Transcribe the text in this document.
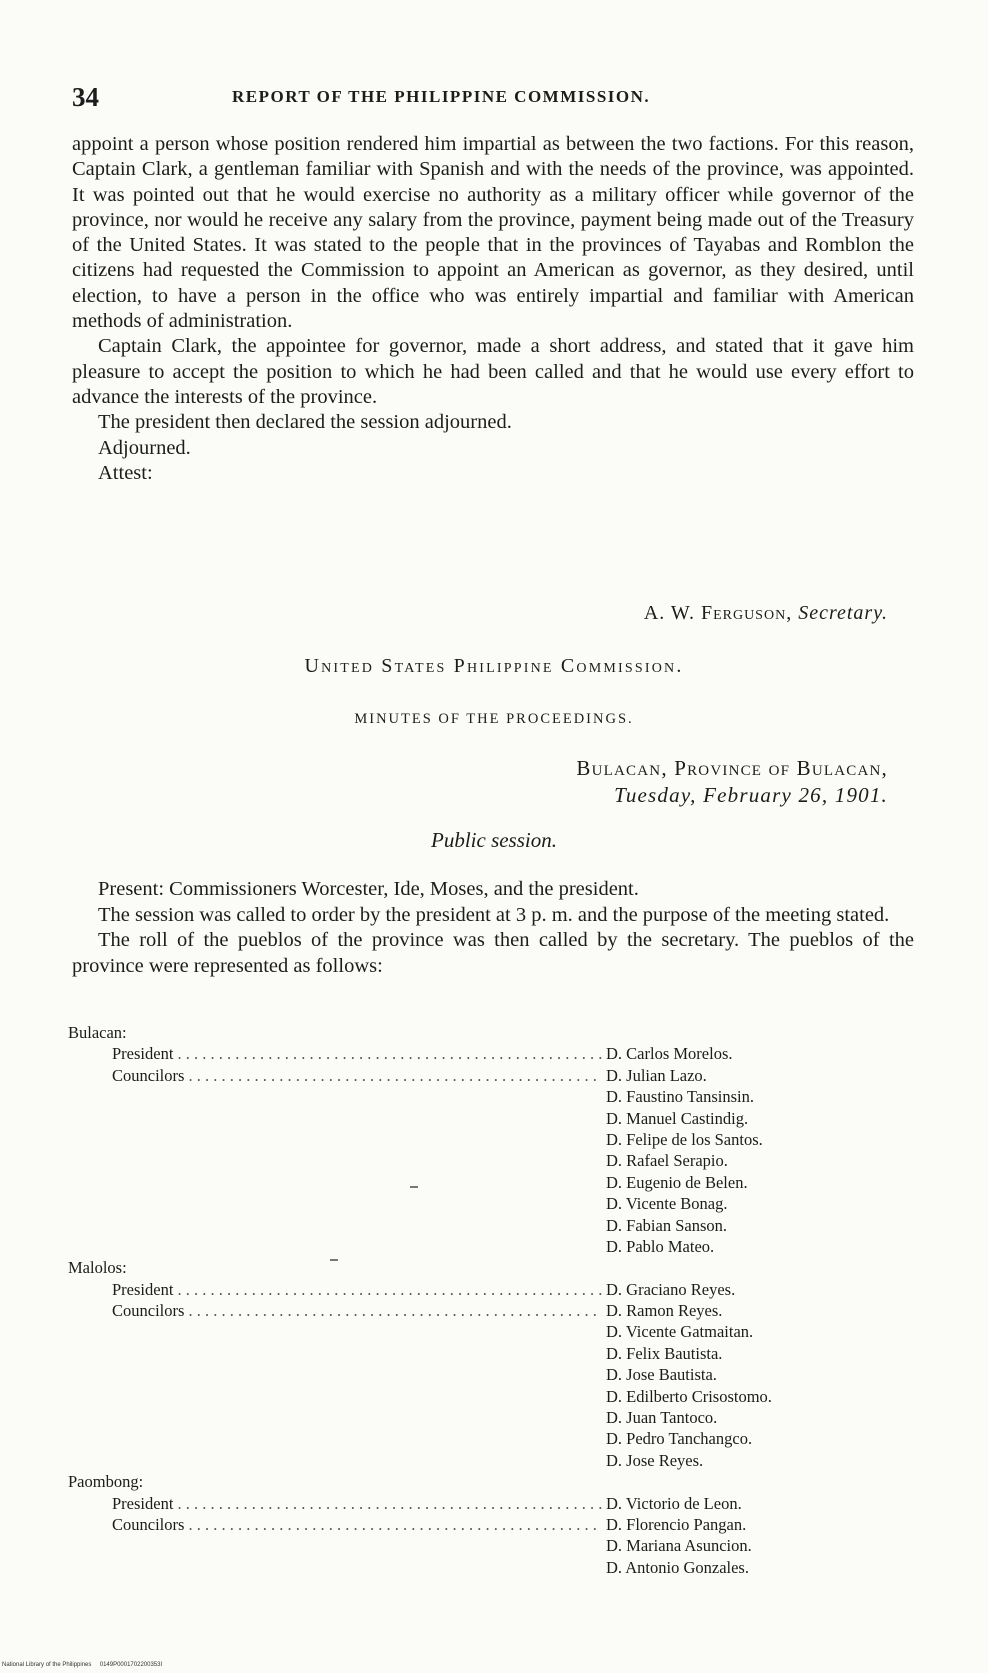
34	REPORT OF THE PHILIPPINE COMMISSION.

appoint a person whose position rendered him impartial as between the two factions. For this reason, Captain Clark, a gentleman familiar with Spanish and with the needs of the province, was appointed. It was pointed out that he would exercise no authority as a military officer while governor of the province, nor would he receive any salary from the province, payment being made out of the Treasury of the United States. It was stated to the people that in the provinces of Tayabas and Romblon the citizens had requested the Commission to appoint an American as governor, as they desired, until election, to have a person in the office who was entirely impartial and familiar with American methods of administration.

Captain Clark, the appointee for governor, made a short address, and stated that it gave him pleasure to accept the position to which he had been called and that he would use every effort to advance the interests of the province.

The president then declared the session adjourned.

Adjourned.

Attest:

A. W. Ferguson, Secretary.
United States Philippine Commission.
MINUTES OF THE PROCEEDINGS.
Bulacan, Province of Bulacan,
Tuesday, February 26, 1901.
Public session.

Present: Commissioners Worcester, Ide, Moses, and the president.

The session was called to order by the president at 3 p. m. and the purpose of the meeting stated.

The roll of the pueblos of the province was then called by the secretary. The pueblos of the province were represented as follows:

Bulacan:
President . . .	D. Carlos Morelos.
Councilors . . .	D. Julian Lazo.
D. Faustino Tansinsin.
D. Manuel Castindig.
D. Felipe de los Santos.
D. Rafael Serapio.
D. Eugenio de Belen.
D. Vicente Bonag.
D. Fabian Sanson.
D. Pablo Mateo.
Malolos:
President . . .	D. Graciano Reyes.
Councilors . . .	D. Ramon Reyes.
D. Vicente Gatmaitan.
D. Felix Bautista.
D. Jose Bautista.
D. Edilberto Crisostomo.
D. Juan Tantoco.
D. Pedro Tanchangco.
D. Jose Reyes.
Paombong:
President . . .	D. Victorio de Leon.
Councilors . . .	D. Florencio Pangan.
D. Mariana Asuncion.
D. Antonio Gonzales.
National Library of the Philippines 0149P0001702200353I
